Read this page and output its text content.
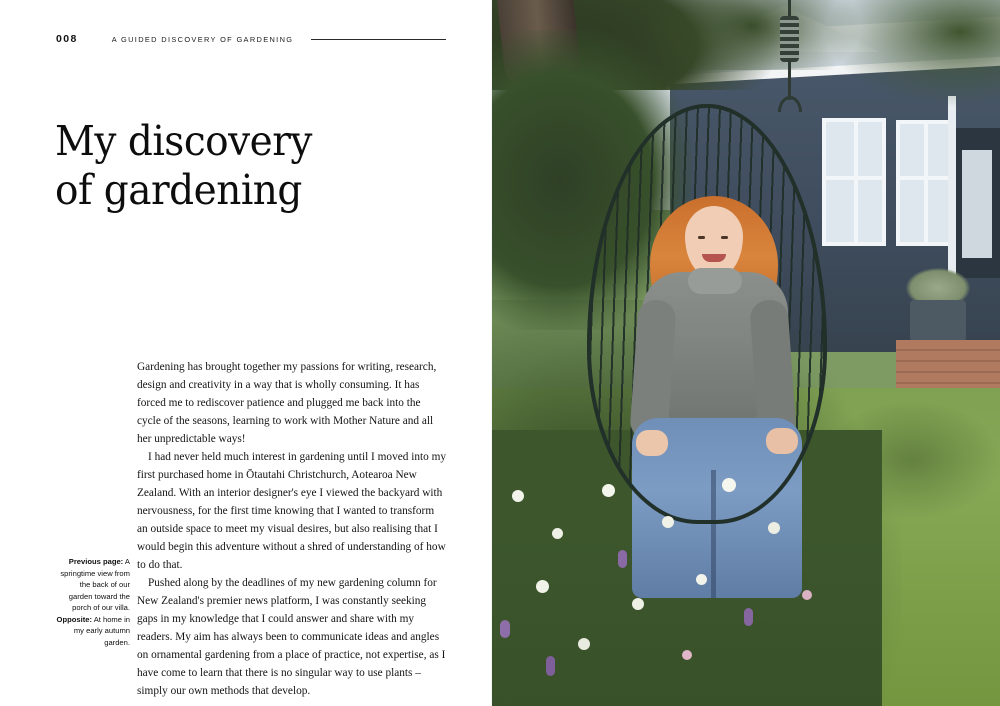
008	A GUIDED DISCOVERY OF GARDENING
My discovery
of gardening

Gardening has brought together my passions for writing, research, design and creativity in a way that is wholly consuming. It has forced me to rediscover patience and plugged me back into the cycle of the seasons, learning to work with Mother Nature and all her unpredictable ways!

I had never held much interest in gardening until I moved into my first purchased home in Ōtautahi Christchurch, Aotearoa New Zealand. With an interior designer's eye I viewed the backyard with nervousness, for the first time knowing that I wanted to transform an outside space to meet my visual desires, but also realising that I would begin this adventure without a shred of understanding of how to do that.

Pushed along by the deadlines of my new gardening column for New Zealand's premier news platform, I was constantly seeking gaps in my knowledge that I could answer and share with my readers. My aim has always been to communicate ideas and angles on ornamental gardening from a place of practice, not expertise, as I have come to learn that there is no singular way to use plants – simply our own methods that develop.

Previous page: A springtime view from the back of our garden toward the porch of our villa. Opposite: At home in my early autumn garden.
